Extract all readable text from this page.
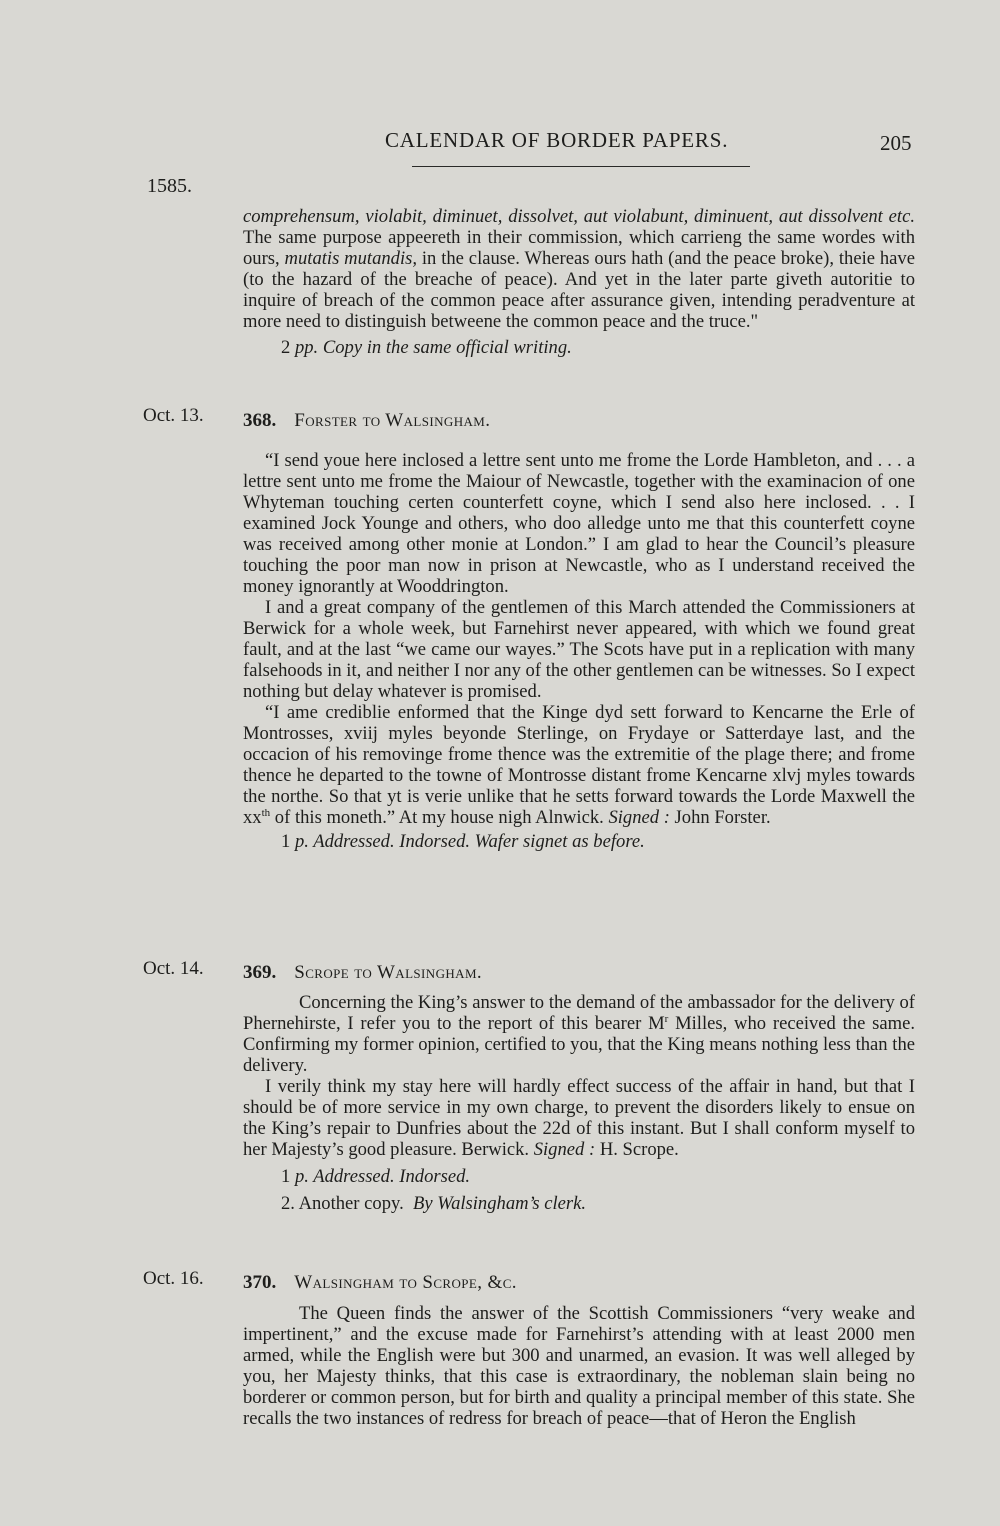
CALENDAR OF BORDER PAPERS.	205
1585.

comprehensum, violabit, diminuet, dissolvet, aut violabunt, diminuent, aut dissolvent etc. The same purpose appeereth in their commission, which carrieng the same wordes with ours, mutatis mutandis, in the clause. Whereas ours hath (and the peace broke), theie have (to the hazard of the breache of peace). And yet in the later parte giveth autoritie to inquire of breach of the common peace after assurance given, intending peradventure at more need to distinguish betweene the common peace and the truce."

2 pp. Copy in the same official writing.

Oct. 13. 368. Forster to Walsingham.

“I send youe here inclosed a lettre sent unto me frome the Lorde Hambleton, and . . . a lettre sent unto me frome the Maiour of Newcastle, together with the examinacion of one Whyteman touching certen counterfett coyne, which I send also here inclosed. . . I examined Jock Younge and others, who doo alledge unto me that this counterfett coyne was received among other monie at London.” I am glad to hear the Council’s pleasure touching the poor man now in prison at Newcastle, who as I understand received the money ignorantly at Wooddrington.

I and a great company of the gentlemen of this March attended the Commissioners at Berwick for a whole week, but Farnehirst never appeared, with which we found great fault, and at the last “we came our wayes.” The Scots have put in a replication with many falsehoods in it, and neither I nor any of the other gentlemen can be witnesses. So I expect nothing but delay whatever is promised.

“I ame crediblie enformed that the Kinge dyd sett forward to Kencarne the Erle of Montrosses, xviij myles beyonde Sterlinge, on Frydaye or Satterdaye last, and the occacion of his removinge frome thence was the extremitie of the plage there; and frome thence he departed to the towne of Montrosse distant frome Kencarne xlvj myles towards the northe. So that yt is verie unlike that he setts forward towards the Lorde Maxwell the $xx^{th}$ of this moneth.” At my house nigh Alnwick. Signed : John Forster.

1 p. Addressed. Indorsed. Wafer signet as before.

Oct. 14. 369. Scrope to Walsingham.

Concerning the King’s answer to the demand of the ambassador for the delivery of Phernehirste, I refer you to the report of this bearer $M^r$ Milles, who received the same. Confirming my former opinion, certified to you, that the King means nothing less than the delivery.

I verily think my stay here will hardly effect success of the affair in hand, but that I should be of more service in my own charge, to prevent the disorders likely to ensue on the King’s repair to Dunfries about the 22d of this instant. But I shall conform myself to her Majesty’s good pleasure. Berwick. Signed : H. Scrope.

1 p. Addressed. Indorsed.

2. Another copy. By Walsingham’s clerk.

Oct. 16. 370. Walsingham to Scrope, &c.

The Queen finds the answer of the Scottish Commissioners “very weake and impertinent,” and the excuse made for Farnehirst’s attending with at least 2000 men armed, while the English were but 300 and unarmed, an evasion. It was well alleged by you, her Majesty thinks, that this case is extraordinary, the nobleman slain being no borderer or common person, but for birth and quality a principal member of this state. She recalls the two instances of redress for breach of peace—that of Heron the English
